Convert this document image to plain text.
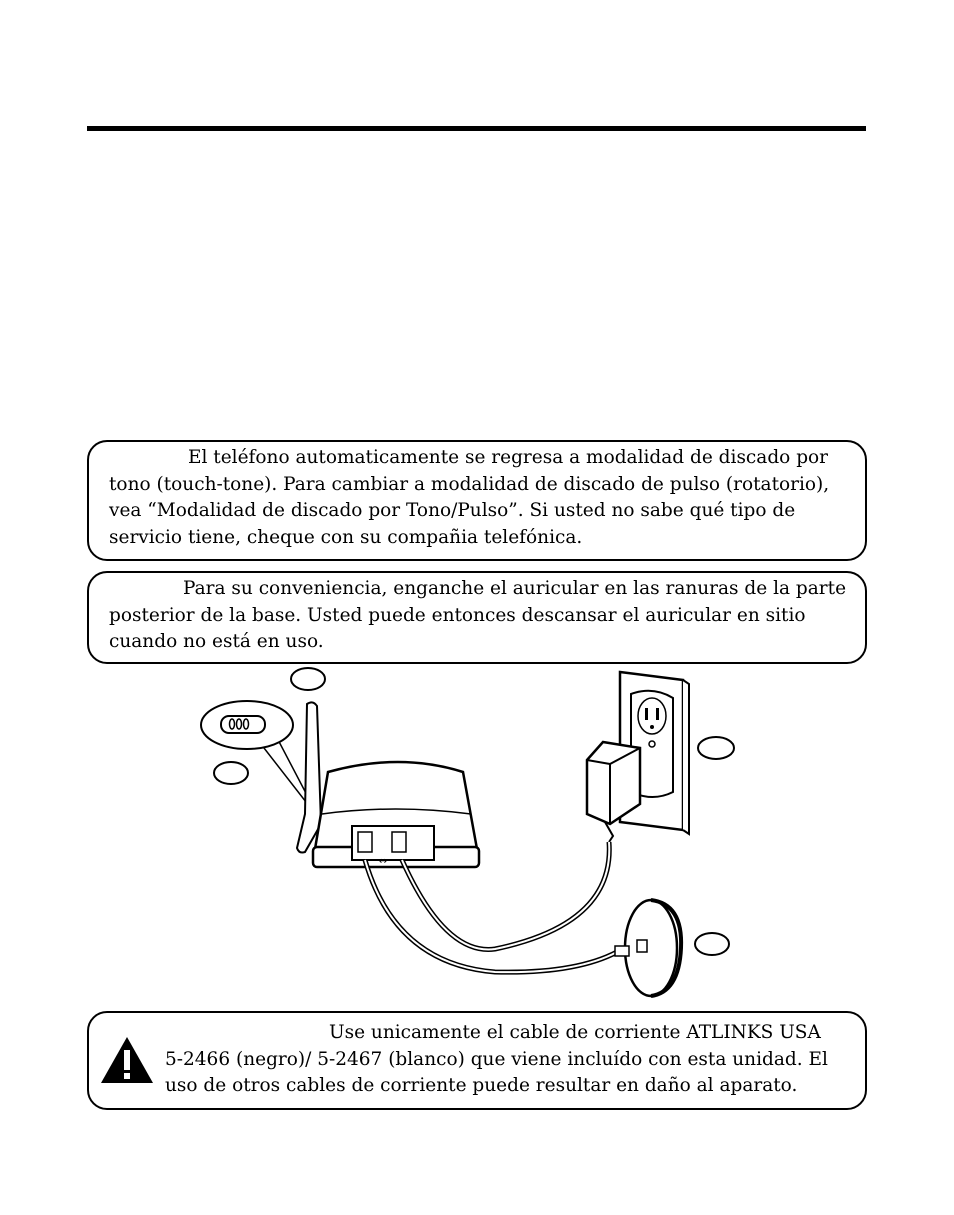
El teléfono automaticamente se regresa a modalidad de discado por

tono (touch-tone). Para cambiar a modalidad de discado de pulso (rotatorio),

vea “Modalidad de discado por Tono/Pulso”. Si usted no sabe qué tipo de

servicio tiene, cheque con su compañia telefónica.

Para su conveniencia, enganche el auricular en las ranuras de la parte

posterior de la base. Usted puede entonces descansar el auricular en sitio

cuando no está en uso.

↔

Use unicamente el cable de corriente ATLINKS USA

5-2466 (negro)/ 5-2467 (blanco) que viene incluído con esta unidad. El

uso de otros cables de corriente puede resultar en daño al aparato.
